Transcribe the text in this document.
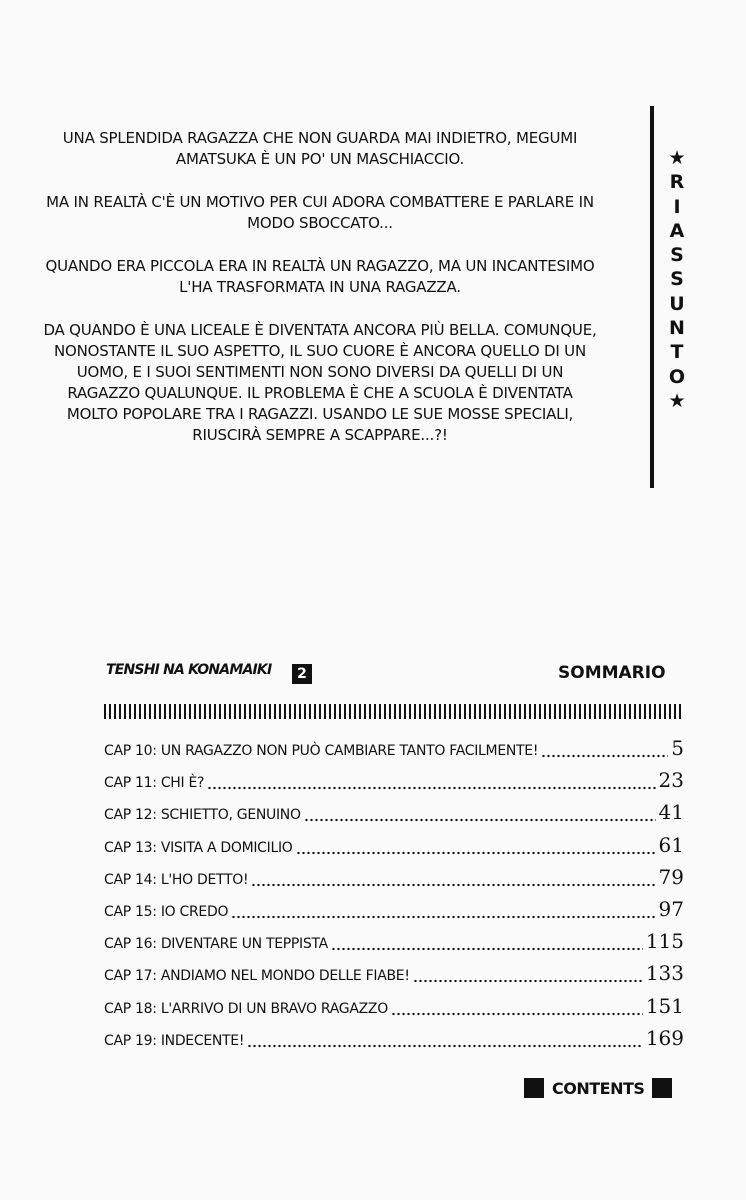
UNA SPLENDIDA RAGAZZA CHE NON GUARDA MAI INDIETRO, MEGUMI AMATSUKA È UN PO' UN MASCHIACCIO.

MA IN REALTÀ C'È UN MOTIVO PER CUI ADORA COMBATTERE E PARLARE IN MODO SBOCCATO...

QUANDO ERA PICCOLA ERA IN REALTÀ UN RAGAZZO, MA UN INCANTESIMO L'HA TRASFORMATA IN UNA RAGAZZA.

DA QUANDO È UNA LICEALE È DIVENTATA ANCORA PIÙ BELLA. COMUNQUE, NONOSTANTE IL SUO ASPETTO, IL SUO CUORE È ANCORA QUELLO DI UN UOMO, E I SUOI SENTIMENTI NON SONO DIVERSI DA QUELLI DI UN RAGAZZO QUALUNQUE. IL PROBLEMA È CHE A SCUOLA È DIVENTATA MOLTO POPOLARE TRA I RAGAZZI. USANDO LE SUE MOSSE SPECIALI, RIUSCIRÀ SEMPRE A SCAPPARE...?!

★
R
I
A
S
S
U
N
T
O
★
TENSHI NA KONAMAIKI	2	SOMMARIO
CAP 10: UN RAGAZZO NON PUÒ CAMBIARE TANTO FACILMENTE!	5
CAP 11: CHI È?	23
CAP 12: SCHIETTO, GENUINO	41
CAP 13: VISITA A DOMICILIO	61
CAP 14: L'HO DETTO!	79
CAP 15: IO CREDO	97
CAP 16: DIVENTARE UN TEPPISTA	115
CAP 17: ANDIAMO NEL MONDO DELLE FIABE!	133
CAP 18: L'ARRIVO DI UN BRAVO RAGAZZO	151
CAP 19: INDECENTE!	169
CONTENTS
